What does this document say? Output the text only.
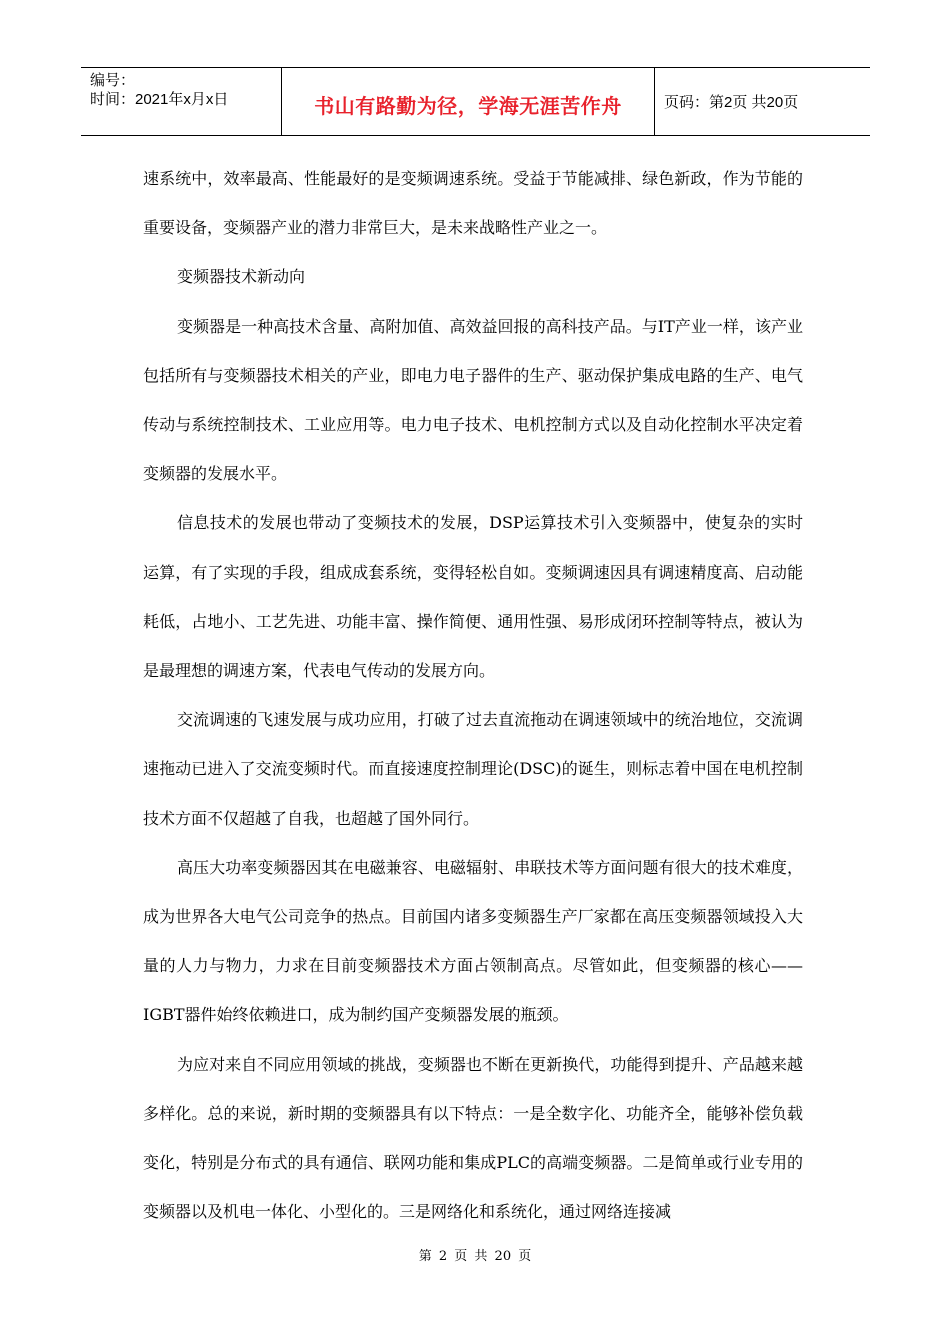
编号：
时间：2021年x月x日	书山有路勤为径，学海无涯苦作舟	页码：第2页 共20页

速系统中，效率最高、性能最好的是变频调速系统。受益于节能减排、绿色新政，作为节能的重要设备，变频器产业的潜力非常巨大，是未来战略性产业之一。

变频器技术新动向

变频器是一种高技术含量、高附加值、高效益回报的高科技产品。与IT产业一样，该产业包括所有与变频器技术相关的产业，即电力电子器件的生产、驱动保护集成电路的生产、电气传动与系统控制技术、工业应用等。电力电子技术、电机控制方式以及自动化控制水平决定着变频器的发展水平。

信息技术的发展也带动了变频技术的发展，DSP运算技术引入变频器中，使复杂的实时运算，有了实现的手段，组成成套系统，变得轻松自如。变频调速因具有调速精度高、启动能耗低，占地小、工艺先进、功能丰富、操作简便、通用性强、易形成闭环控制等特点，被认为是最理想的调速方案，代表电气传动的发展方向。

交流调速的飞速发展与成功应用，打破了过去直流拖动在调速领域中的统治地位，交流调速拖动已进入了交流变频时代。而直接速度控制理论(DSC)的诞生，则标志着中国在电机控制技术方面不仅超越了自我，也超越了国外同行。

高压大功率变频器因其在电磁兼容、电磁辐射、串联技术等方面问题有很大的技术难度，成为世界各大电气公司竞争的热点。目前国内诸多变频器生产厂家都在高压变频器领域投入大量的人力与物力，力求在目前变频器技术方面占领制高点。尽管如此，但变频器的核心——IGBT器件始终依赖进口，成为制约国产变频器发展的瓶颈。

为应对来自不同应用领域的挑战，变频器也不断在更新换代，功能得到提升、产品越来越多样化。总的来说，新时期的变频器具有以下特点：一是全数字化、功能齐全，能够补偿负载变化，特别是分布式的具有通信、联网功能和集成PLC的高端变频器。二是简单或行业专用的变频器以及机电一体化、小型化的。三是网络化和系统化，通过网络连接减

第 2 页 共 20 页
